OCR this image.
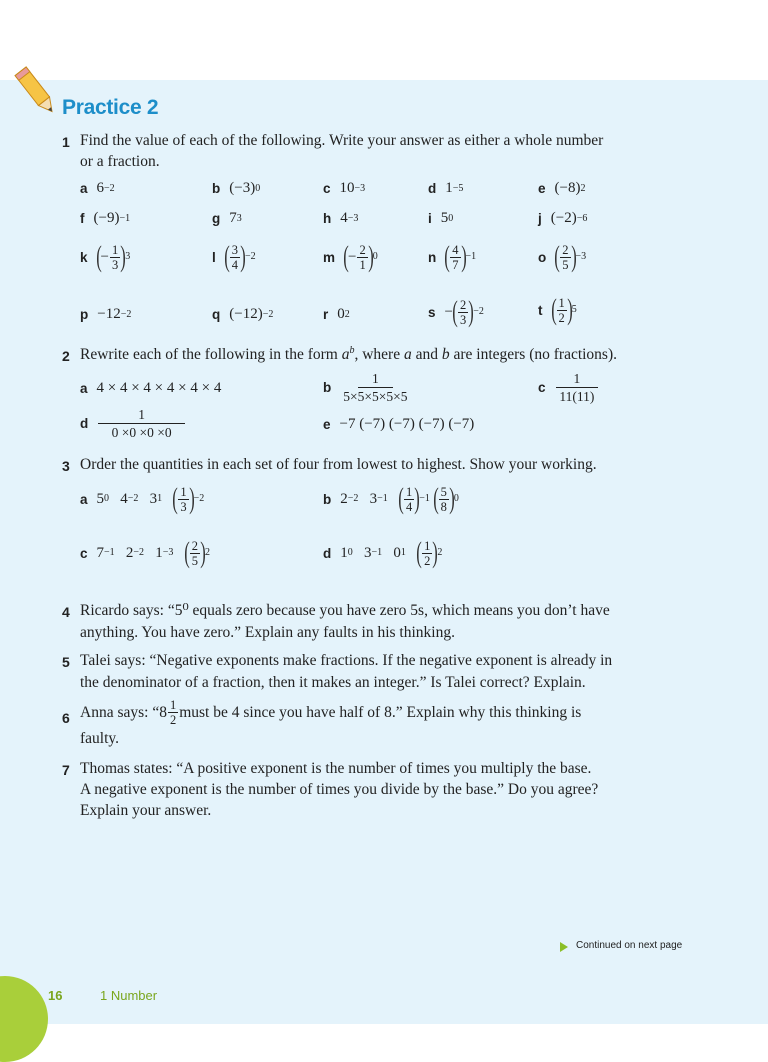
Practice 2
1 Find the value of each of the following. Write your answer as either a whole number
or a fraction.
a 6 −2	b (−3) 0	c 10 −3	d 1 −5	e (−8) 2
f (−9) −1	g 7 3	h 4 −3	i 5 0	j (−2) −6
k ( − $\frac{1}{3}$ ) 3	l ( $\frac{3}{4}$ ) −2	m ( − $\frac{2}{1}$ ) 0	n ( $\frac{4}{7}$ ) −1	o ( $\frac{2}{5}$ ) −3
p −12 −2	q (−12) −2	r 0 2	s − ( $\frac{2}{3}$ ) −2	t ( $\frac{1}{2}$ ) 5
2 Rewrite each of the following in the form $a^b$, where a and b are integers (no fractions).
a 4 × 4 × 4 × 4 × 4 × 4	b $\frac{1}{5\times 5\times 5\times 5\times 5}$	c $\frac{1}{11(11)}$
d $\frac{1}{0 \times 0 \times 0 \times 0}$	e −7 (−7) (−7) (−7) (−7)
3 Order the quantities in each set of four from lowest to highest. Show your working.
a 5 0
4 −2
3 1
( $\frac{1}{3}$ ) −2	b 2 −2
3 −1
( $\frac{1}{4}$ ) −1
( $\frac{5}{8}$ ) 0
c 7 −1
2 −2
1 −3
( $\frac{2}{5}$ ) 2	d 1 0
3 −1
0 1
( $\frac{1}{2}$ ) 2
4 Ricardo says: “5⁰ equals zero because you have zero 5s, which means you don’t have
anything. You have zero.” Explain any faults in his thinking.
5 Talei says: “Negative exponents make fractions. If the negative exponent is already in
the denominator of a fraction, then it makes an integer.” Is Talei correct? Explain.
6 Anna says: “$8 \frac{1}{2}$ must be 4 since you have half of 8.” Explain why this thinking is
faulty.
7 Thomas states: “A positive exponent is the number of times you multiply the base.
A negative exponent is the number of times you divide by the base.” Do you agree?
Explain your answer.
Continued on next page
16	1 Number
